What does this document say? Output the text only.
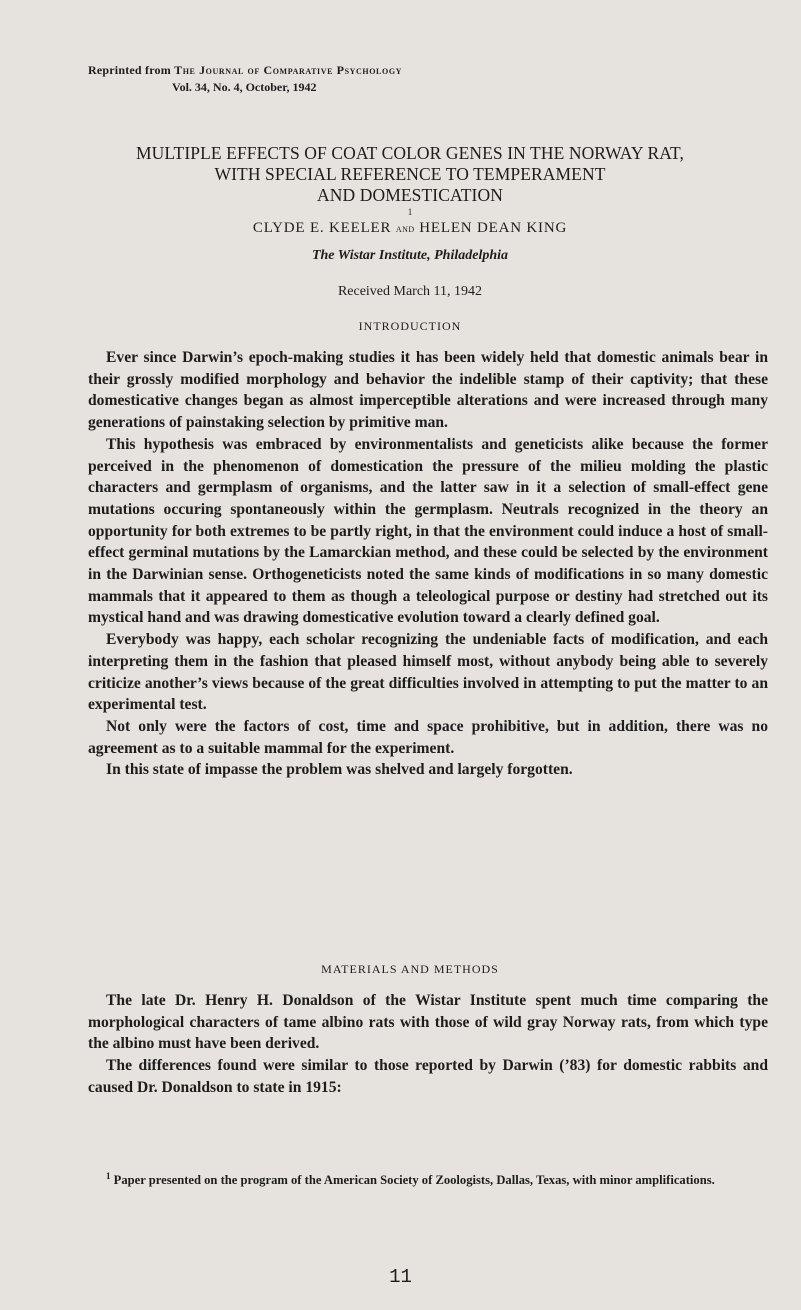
Reprinted from The Journal of Comparative Psychology
Vol. 34, No. 4, October, 1942
MULTIPLE EFFECTS OF COAT COLOR GENES IN THE NORWAY RAT,
WITH SPECIAL REFERENCE TO TEMPERAMENT
AND DOMESTICATION
$^1$
CLYDE E. KEELER and HELEN DEAN KING
The Wistar Institute, Philadelphia
Received March 11, 1942
INTRODUCTION

Ever since Darwin’s epoch-making studies it has been widely held that domestic animals bear in their grossly modified morphology and behavior the indelible stamp of their captivity; that these domesticative changes began as almost imperceptible alterations and were increased through many generations of painstaking selection by primitive man.

This hypothesis was embraced by environmentalists and geneticists alike because the former perceived in the phenomenon of domestication the pressure of the milieu molding the plastic characters and germplasm of organisms, and the latter saw in it a selection of small-effect gene mutations occuring spontaneously within the germplasm. Neutrals recognized in the theory an opportunity for both extremes to be partly right, in that the environment could induce a host of small-effect germinal mutations by the Lamarckian method, and these could be selected by the environment in the Darwinian sense. Orthogeneticists noted the same kinds of modifications in so many domestic mammals that it appeared to them as though a teleological purpose or destiny had stretched out its mystical hand and was drawing domesticative evolution toward a clearly defined goal.

Everybody was happy, each scholar recognizing the undeniable facts of modification, and each interpreting them in the fashion that pleased himself most, without anybody being able to severely criticize another’s views because of the great difficulties involved in attempting to put the matter to an experimental test.

Not only were the factors of cost, time and space prohibitive, but in addition, there was no agreement as to a suitable mammal for the experiment.

In this state of impasse the problem was shelved and largely forgotten.

MATERIALS AND METHODS

The late Dr. Henry H. Donaldson of the Wistar Institute spent much time comparing the morphological characters of tame albino rats with those of wild gray Norway rats, from which type the albino must have been derived.

The differences found were similar to those reported by Darwin (’83) for domestic rabbits and caused Dr. Donaldson to state in 1915:

$^1$ Paper presented on the program of the American Society of Zoologists, Dallas, Texas, with minor amplifications.
11
